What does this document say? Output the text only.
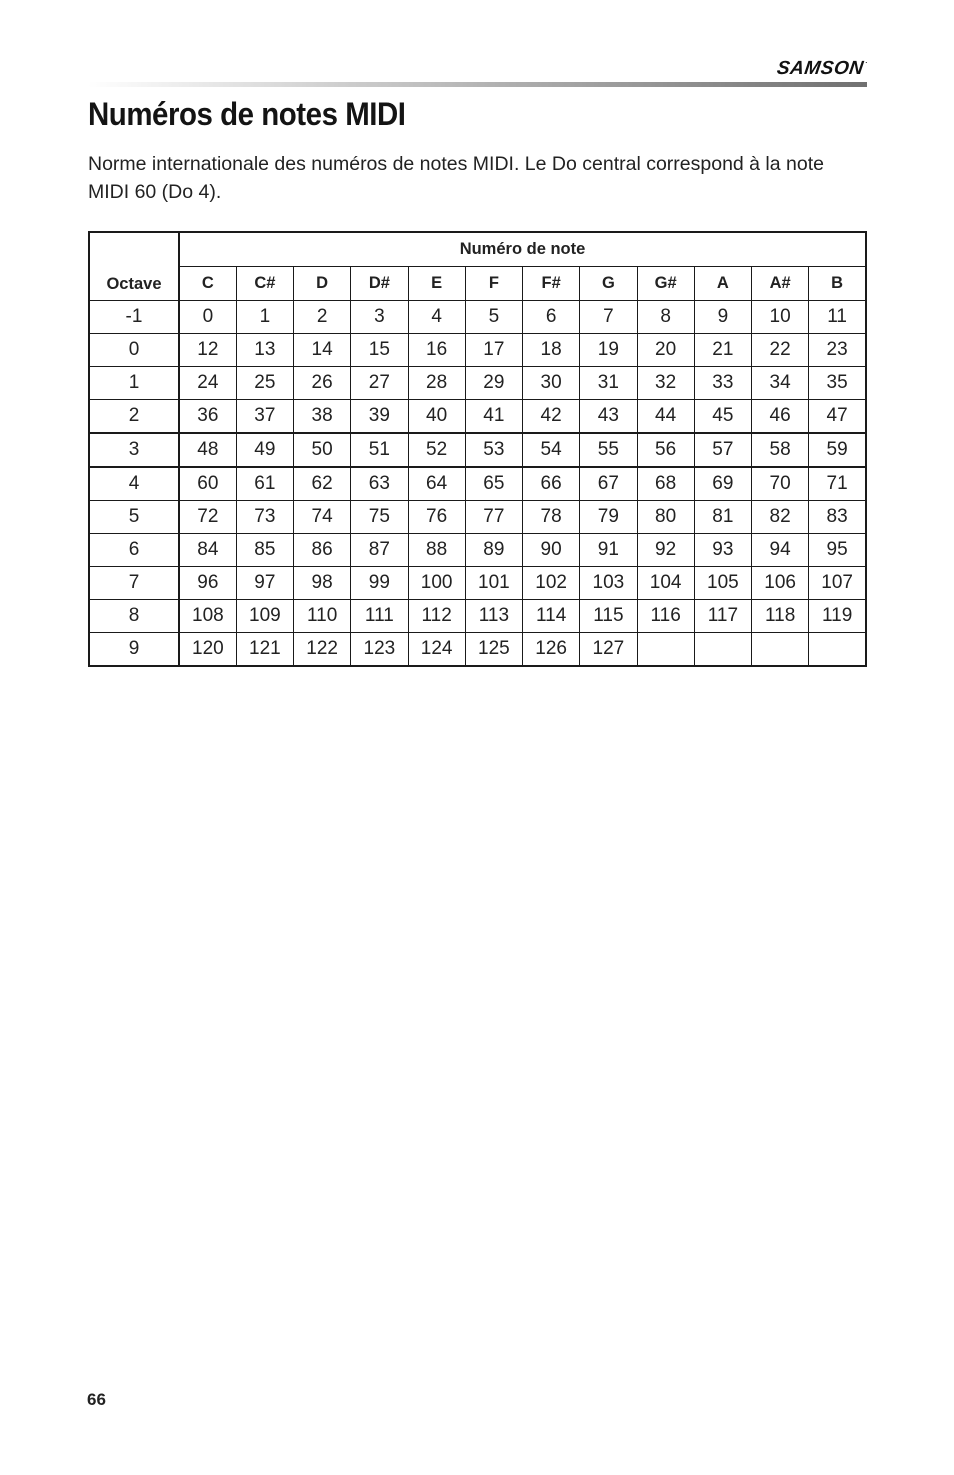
SAMSON.
Numéros de notes MIDI

Norme internationale des numéros de notes MIDI. Le Do central correspond à la note MIDI 60 (Do 4).

Octave	Numéro de note											
	C	C#	D	D#	E	F	F#	G	G#	A	A#	B
-1	0	1	2	3	4	5	6	7	8	9	10	11
0	12	13	14	15	16	17	18	19	20	21	22	23
1	24	25	26	27	28	29	30	31	32	33	34	35
2	36	37	38	39	40	41	42	43	44	45	46	47
3	48	49	50	51	52	53	54	55	56	57	58	59
4	60	61	62	63	64	65	66	67	68	69	70	71
5	72	73	74	75	76	77	78	79	80	81	82	83
6	84	85	86	87	88	89	90	91	92	93	94	95
7	96	97	98	99	100	101	102	103	104	105	106	107
8	108	109	110	111	112	113	114	115	116	117	118	119
9	120	121	122	123	124	125	126	127				
66
